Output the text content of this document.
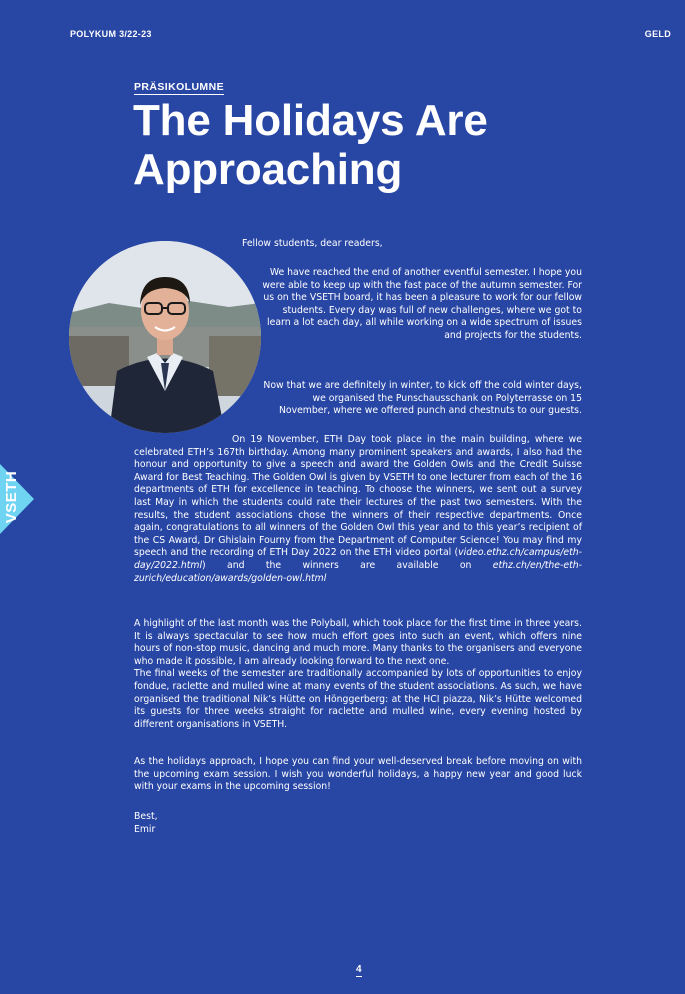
POLYKUM 3/22-23	GELD
PRÄSIKOLUMNE
The Holidays Are Approaching
VSETH
Fellow students, dear readers,
We have reached the end of another eventful semester. I hope you were able to keep up with the fast pace of the autumn semester. For us on the VSETH board, it has been a pleasure to work for our fellow students. Every day was full of new challenges, where we got to learn a lot each day, all while working on a wide spectrum of issues and projects for the students.
Now that we are definitely in winter, to kick off the cold winter days, we organised the Punschausschank on Polyterrasse on 15 November, where we offered punch and chestnuts to our guests.

On 19 November, ETH Day took place in the main building, where we celebrated ETH’s 167th birthday. Among many prominent speakers and awards, I also had the honour and opportunity to give a speech and award the Golden Owls and the Credit Suisse Award for Best Teaching. The Golden Owl is given by VSETH to one lecturer from each of the 16 departments of ETH for excellence in teaching. To choose the winners, we sent out a survey last May in which the students could rate their lectures of the past two semesters. With the results, the student associations chose the winners of their respective departments. Once again, congratulations to all winners of the Golden Owl this year and to this year’s recipient of the CS Award, Dr Ghislain Fourny from the Department of Computer Science! You may find my speech and the recording of ETH Day 2022 on the ETH video portal (video.ethz.ch/campus/eth-day/2022.html) and the winners are available on ethz.ch/en/the-eth-zurich/education/awards/golden-owl.html

A highlight of the last month was the Polyball, which took place for the first time in three years. It is always spectacular to see how much effort goes into such an event, which offers nine hours of non-stop music, dancing and much more. Many thanks to the organisers and everyone who made it possible, I am already looking forward to the next one.

The final weeks of the semester are traditionally accompanied by lots of opportunities to enjoy fondue, raclette and mulled wine at many events of the student associations. As such, we have organised the traditional Nik’s Hütte on Hönggerberg: at the HCI piazza, Nik’s Hütte welcomed its guests for three weeks straight for raclette and mulled wine, every evening hosted by different organisations in VSETH.

As the holidays approach, I hope you can find your well-deserved break before moving on with the upcoming exam session. I wish you wonderful holidays, a happy new year and good luck with your exams in the upcoming session!

Best,

Emir

4
